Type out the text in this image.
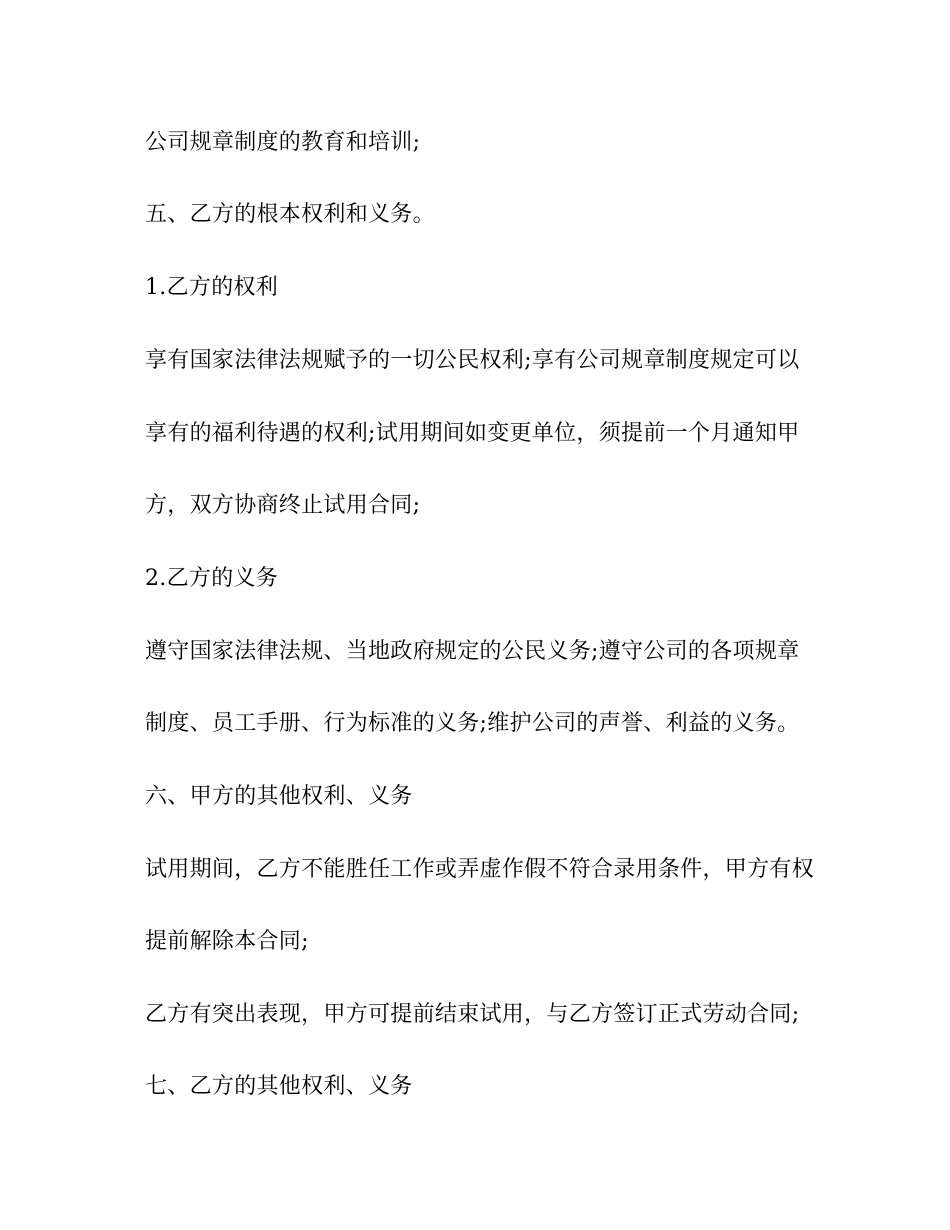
公司规章制度的教育和培训;
五、乙方的根本权利和义务。
1.乙方的权利
享有国家法律法规赋予的一切公民权利;享有公司规章制度规定可以
享有的福利待遇的权利;试用期间如变更单位，须提前一个月通知甲
方，双方协商终止试用合同;
2.乙方的义务
遵守国家法律法规、当地政府规定的公民义务;遵守公司的各项规章
制度、员工手册、行为标准的义务;维护公司的声誉、利益的义务。
六、甲方的其他权利、义务
试用期间，乙方不能胜任工作或弄虚作假不符合录用条件，甲方有权
提前解除本合同;
乙方有突出表现，甲方可提前结束试用，与乙方签订正式劳动合同;
七、乙方的其他权利、义务
